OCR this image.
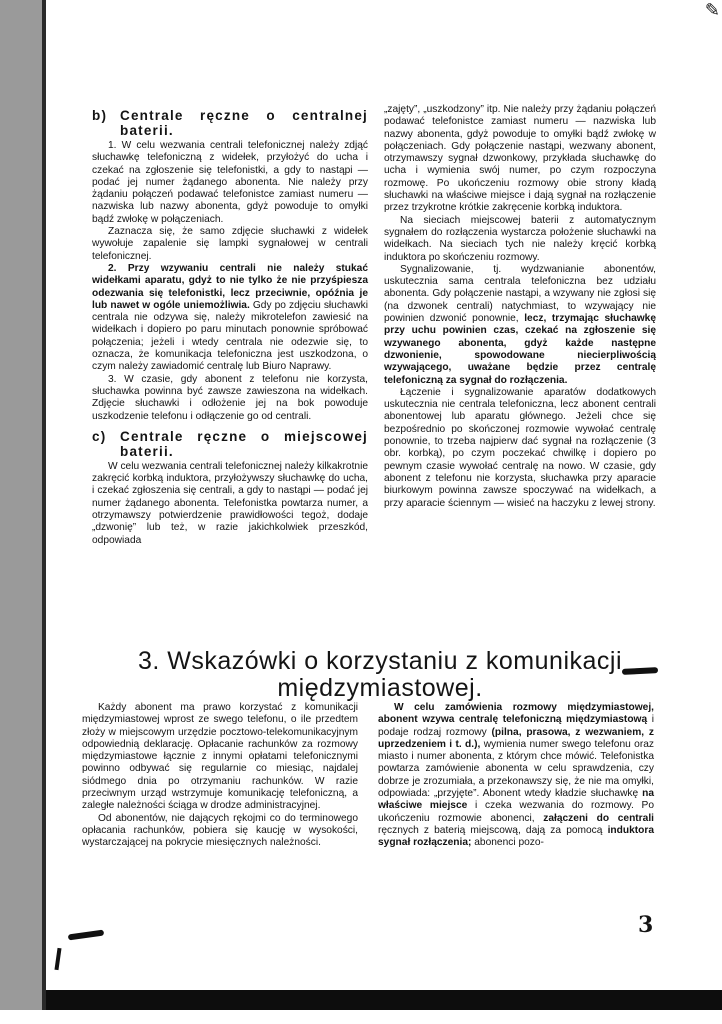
✎
b) Centrale ręczne o centralnej baterii.

1. W celu wezwania centrali telefonicznej należy zdjąć słuchawkę telefoniczną z widełek, przyłożyć do ucha i czekać na zgłoszenie się telefonistki, a gdy to nastąpi — podać jej numer żądanego abonenta. Nie należy przy żądaniu połączeń podawać telefonistce zamiast numeru — nazwiska lub nazwy abonenta, gdyż powoduje to omyłki bądź zwłokę w połączeniach.

Zaznacza się, że samo zdjęcie słuchawki z widełek wywołuje zapalenie się lampki sygnałowej w centrali telefonicznej.

2. Przy wzywaniu centrali nie należy stukać widełkami aparatu, gdyż to nie tylko że nie przyśpiesza odezwania się telefonistki, lecz przeciwnie, opóźnia je lub nawet w ogóle uniemożliwia. Gdy po zdjęciu słuchawki centrala nie odzywa się, należy mikrotelefon zawiesić na widełkach i dopiero po paru minutach ponownie spróbować połączenia; jeżeli i wtedy centrala nie odezwie się, to oznacza, że komunikacja telefoniczna jest uszkodzona, o czym należy zawiadomić centralę lub Biuro Naprawy.

3. W czasie, gdy abonent z telefonu nie korzysta, słuchawka powinna być zawsze zawieszona na widełkach. Zdjęcie słuchawki i odłożenie jej na bok powoduje uszkodzenie telefonu i odłączenie go od centrali.

c)	Centrale ręczne o miejscowej baterii.

W celu wezwania centrali telefonicznej należy kilkakrotnie zakręcić korbką induktora, przyłożywszy słuchawkę do ucha, i czekać zgłoszenia się centrali, a gdy to nastąpi — podać jej numer żądanego abonenta. Telefonistka powtarza numer, a otrzymawszy potwierdzenie prawidłowości tegoż, dodaje „dzwonię” lub też, w razie jakichkolwiek przeszkód, odpowiada

„zajęty”, „uszkodzony” itp. Nie należy przy żądaniu połączeń podawać telefonistce zamiast numeru — nazwiska lub nazwy abonenta, gdyż powoduje to omyłki bądź zwłokę w połączeniach. Gdy połączenie nastąpi, wezwany abonent, otrzymawszy sygnał dzwonkowy, przykłada słuchawkę do ucha i wymienia swój numer, po czym rozpoczyna rozmowę. Po ukończeniu rozmowy obie strony kładą słuchawki na właściwe miejsce i dają sygnał na rozłączenie przez trzykrotne krótkie zakręcenie korbką induktora.

Na sieciach miejscowej baterii z automatycznym sygnałem do rozłączenia wystarcza położenie słuchawki na widełkach. Na sieciach tych nie należy kręcić korbką induktora po skończeniu rozmowy.

Sygnalizowanie, tj. wydzwanianie abonentów, uskuteczniа sama centrala telefoniczna bez udziału abonenta. Gdy połączenie nastąpi, a wzywany nie zgłosi się (na dzwonek centrali) natychmiast, to wzywający nie powinien dzwonić ponownie, lecz, trzymając słuchawkę przy uchu powinien czas, czekać na zgłoszenie się wzywanego abonenta, gdyż każde następne dzwonienie, spowodowane niecierpliwością wzywającego, uważane będzie przez centralę telefoniczną za sygnał do rozłączenia.

Łączenie i sygnalizowanie aparatów dodatkowych uskutecznia nie centrala telefoniczna, lecz abonent centrali abonentowej lub aparatu głównego. Jeżeli chce się bezpośrednio po skończonej rozmowie wywołać centralę ponownie, to trzeba najpierw dać sygnał na rozłączenie (3 obr. korbką), po czym poczekać chwilkę i dopiero po pewnym czasie wywołać centralę na nowo. W czasie, gdy abonent z telefonu nie korzysta, słuchawka przy aparacie biurkowym powinna zawsze spoczywać na widełkach, a przy aparacie ściennym — wisieć na haczyku z lewej strony.

3. Wskazówki o korzystaniu z komunikacji międzymiastowej.

Każdy abonent ma prawo korzystać z komunikacji międzymiastowej wprost ze swego telefonu, o ile przedtem złoży w miejscowym urzędzie pocztowo-telekomunikacyjnym odpowiednią deklarację. Opłacanie rachunków za rozmowy międzymiastowe łącznie z innymi opłatami telefonicznymi powinno odbywać się regularnie co miesiąc, najdalej siódmego dnia po otrzymaniu rachunków. W razie przeciwnym urząd wstrzymuje komunikację telefoniczną, a zaległe należności ściąga w drodze administracyjnej.

Od abonentów, nie dających rękojmi co do terminowego opłacania rachunków, pobiera się kaucję w wysokości, wystarczającej na pokrycie miesięcznych należności.

W celu zamówienia rozmowy międzymiastowej, abonent wzywa centralę telefoniczną międzymiastową i podaje rodzaj rozmowy (pilna, prasowa, z wezwaniem, z uprzedzeniem i t. d.), wymienia numer swego telefonu oraz miasto i numer abonenta, z którym chce mówić. Telefonistka powtarza zamówienie abonenta w celu sprawdzenia, czy dobrze je zrozumiała, a przekonawszy się, że nie ma omyłki, odpowiada: „przyjęte”. Abonent wtedy kładzie słuchawkę na właściwe miejsce i czeka wezwania do rozmowy. Po ukończeniu rozmowie abonenci, załączeni do centrali ręcznych z baterią miejscową, dają za pomocą induktora sygnał rozłączenia; abonenci pozo-

3
